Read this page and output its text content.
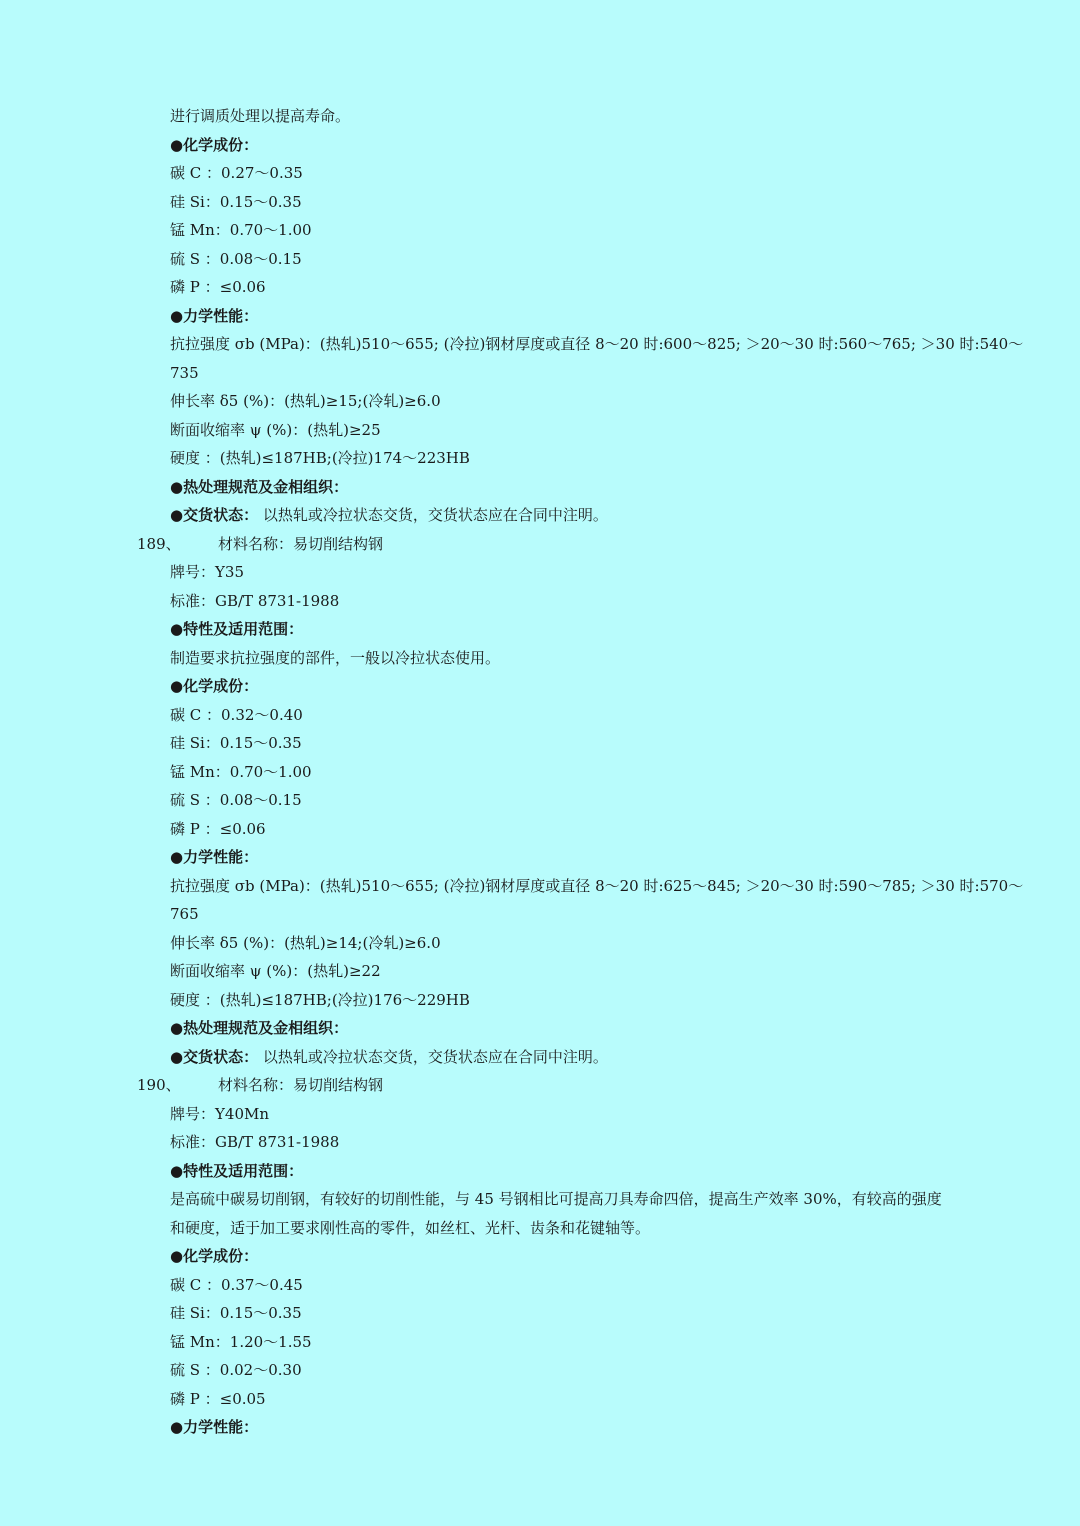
进行调质处理以提高寿命。
●化学成份：
碳 C ：0.27～0.35
硅 Si：0.15～0.35
锰 Mn：0.70～1.00
硫 S ：0.08～0.15
磷 P ：≤0.06
●力学性能：
抗拉强度 σb (MPa)：(热轧)510～655; (冷拉)钢材厚度或直径 8～20 时:600～825; ＞20～30 时:560～765; ＞30 时:540～
735
伸长率 δ5 (%)：(热轧)≥15;(冷轧)≥6.0
断面收缩率 ψ (%)：(热轧)≥25
硬度 ：(热轧)≤187HB;(冷拉)174～223HB
●热处理规范及金相组织：
●交货状态： 以热轧或冷拉状态交货，交货状态应在合同中注明。
189、 材料名称：易切削结构钢
牌号：Y35
标准：GB/T 8731-1988
●特性及适用范围：
制造要求抗拉强度的部件，一般以冷拉状态使用。
●化学成份：
碳 C ：0.32～0.40
硅 Si：0.15～0.35
锰 Mn：0.70～1.00
硫 S ：0.08～0.15
磷 P ：≤0.06
●力学性能：
抗拉强度 σb (MPa)：(热轧)510～655; (冷拉)钢材厚度或直径 8～20 时:625～845; ＞20～30 时:590～785; ＞30 时:570～
765
伸长率 δ5 (%)：(热轧)≥14;(冷轧)≥6.0
断面收缩率 ψ (%)：(热轧)≥22
硬度 ：(热轧)≤187HB;(冷拉)176～229HB
●热处理规范及金相组织：
●交货状态： 以热轧或冷拉状态交货，交货状态应在合同中注明。
190、 材料名称：易切削结构钢
牌号：Y40Mn
标准：GB/T 8731-1988
●特性及适用范围：
是高硫中碳易切削钢，有较好的切削性能，与 45 号钢相比可提高刀具寿命四倍，提高生产效率 30%，有较高的强度
和硬度，适于加工要求刚性高的零件，如丝杠、光杆、齿条和花键轴等。
●化学成份：
碳 C ：0.37～0.45
硅 Si：0.15～0.35
锰 Mn：1.20～1.55
硫 S ：0.02～0.30
磷 P ：≤0.05
●力学性能：
